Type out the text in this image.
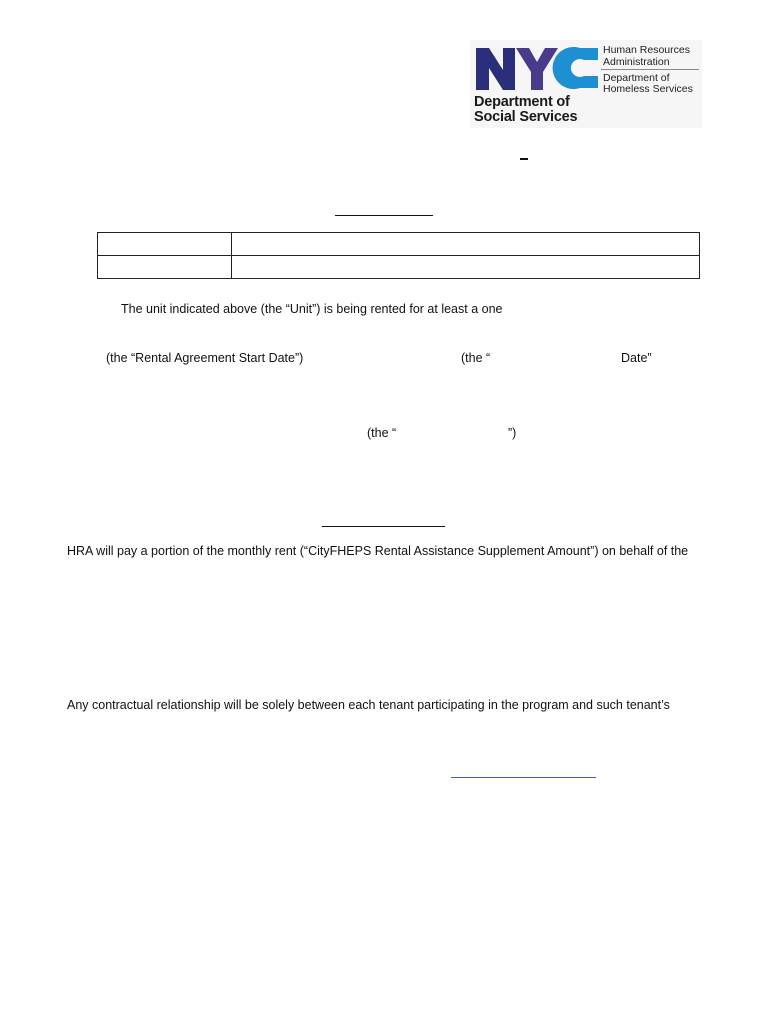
Department of
Social Services
Human Resources
Administration
Department of
Homeless Services

The unit indicated above (the “Unit”) is being rented for at least a one
(the “Rental Agreement Start Date”)	(the “	Date”
(the “	”)
HRA will pay a portion of the monthly rent (“CityFHEPS Rental Assistance Supplement Amount”) on behalf of the
Any contractual relationship will be solely between each tenant participating in the program and such tenant’s
